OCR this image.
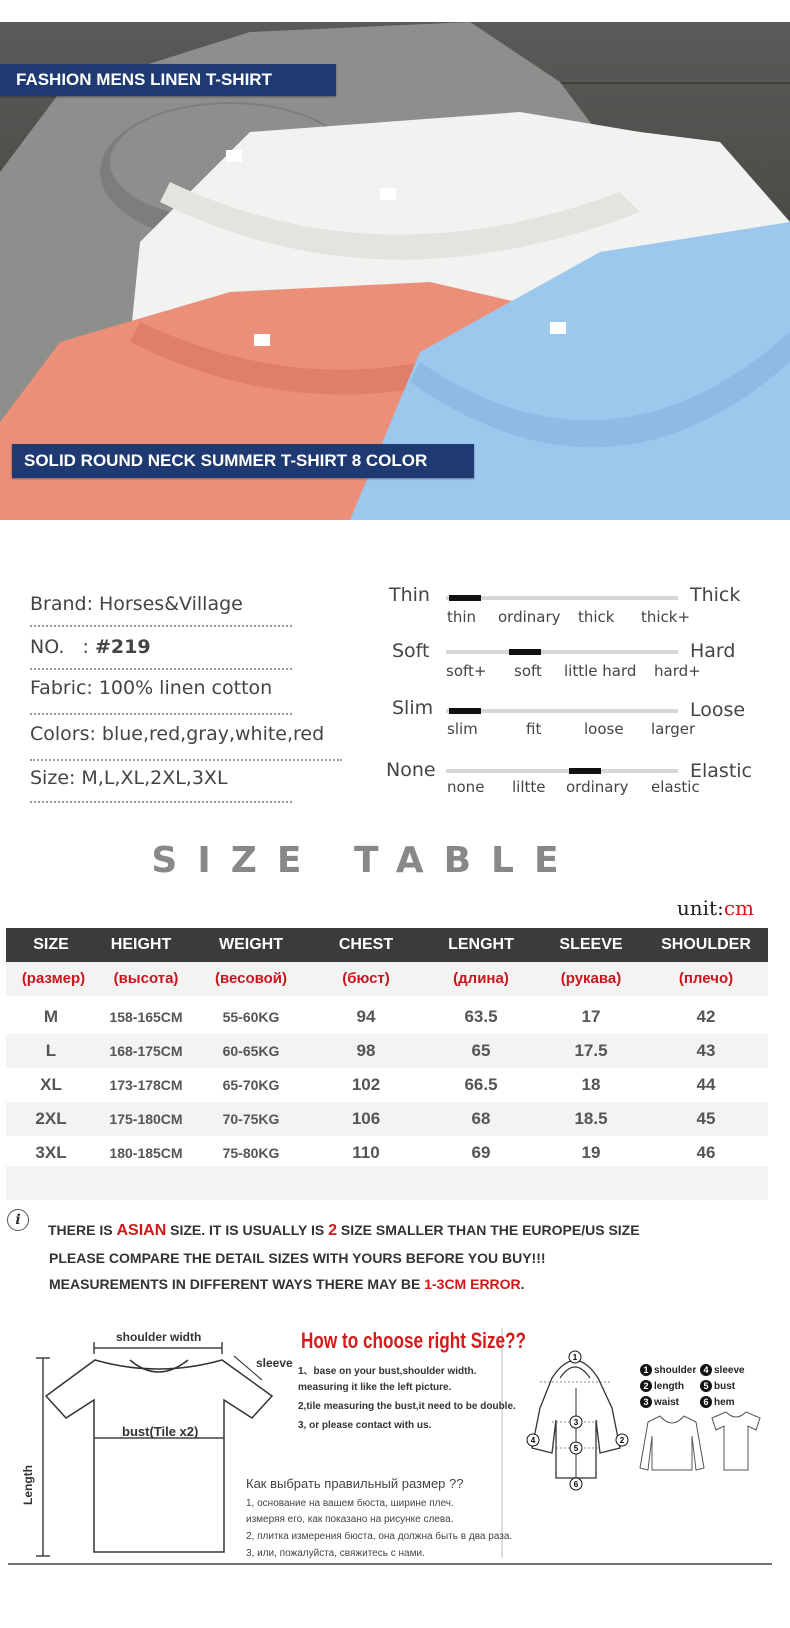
FASHION MENS LINEN T-SHIRT
SOLID ROUND NECK SUMMER T-SHIRT 8 COLOR
Brand: Horses&Village
NO.   : #219
Fabric: 100% linen cotton
Colors: blue,red,gray,white,red
Size: M,L,XL,2XL,3XL
Thin	Thick
thin ordinary thick thick+
Soft	Hard
soft+ soft little hard hard+
Slim	Loose
slim	fit	loose larger
None	Elastic
none liltte ordinary elastic
SIZE TABLE
unit:cm
SIZE	HEIGHT	WEIGHT	CHEST	LENGHT	SLEEVE	SHOULDER
(размер)	(высота)	(весовой)	(бюст)	(длина)	(рукава)	(плечо)
M	158-165CM	55-60KG	94	63.5	17	42
L	168-175CM	60-65KG	98	65	17.5	43
XL	173-178CM	65-70KG	102	66.5	18	44
2XL	175-180CM	70-75KG	106	68	18.5	45
3XL	180-185CM	75-80KG	110	69	19	46
i
THERE IS ASIAN SIZE. IT IS USUALLY IS 2 SIZE SMALLER THAN THE EUROPE/US SIZE
PLEASE COMPARE THE DETAIL SIZES WITH YOURS BEFORE YOU BUY!!!
MEASUREMENTS IN DIFFERENT WAYS THERE MAY BE 1-3CM ERROR.
1
4	2
3
5
6
shoulder width
sleeve
bust(Tile x2)
Length
How to choose right Size??
1、base on your bust,shoulder width.
measuring it like the left picture.
2,tile measuring the bust,it need to be double.
3, or please contact with us.
Как выбрать правильный размер ??
1, основание на вашем бюста, ширине плеч.
измеряя его, как показано на рисунке слева.
2, плитка измерения бюста, она должна быть в два раза.
3, или, пожалуйста, свяжитесь с нами.
1 shoulder 4 sleeve
2 length	5 bust
3 waist	6 hem
